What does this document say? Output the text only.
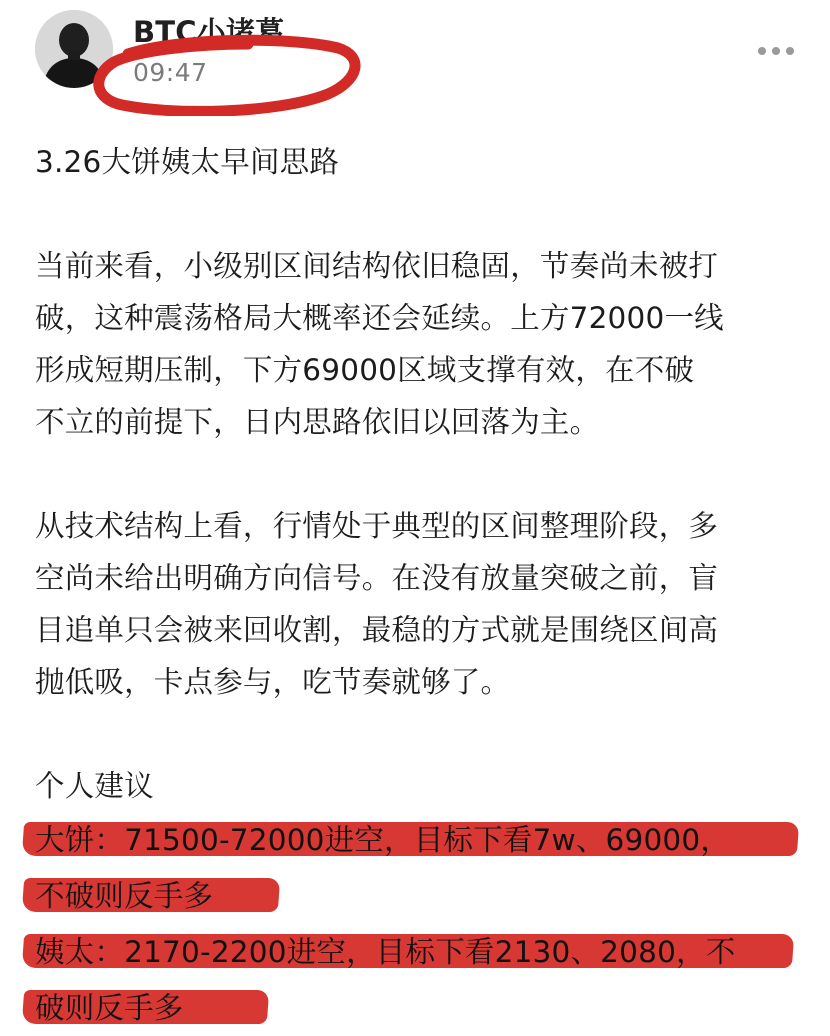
BTC小诸葛
09:47

3.26大饼姨太早间思路

当前来看，小级别区间结构依旧稳固，节奏尚未被打

破，这种震荡格局大概率还会延续。上方72000一线

形成短期压制，下方69000区域支撑有效，在不破

不立的前提下，日内思路依旧以回落为主。

从技术结构上看，行情处于典型的区间整理阶段，多

空尚未给出明确方向信号。在没有放量突破之前，盲

目追单只会被来回收割，最稳的方式就是围绕区间高

抛低吸，卡点参与，吃节奏就够了。

个人建议

大饼：71500-72000进空，目标下看7w、69000，
不破则反手多
姨太：2170-2200进空，目标下看2130、2080，不
破则反手多
